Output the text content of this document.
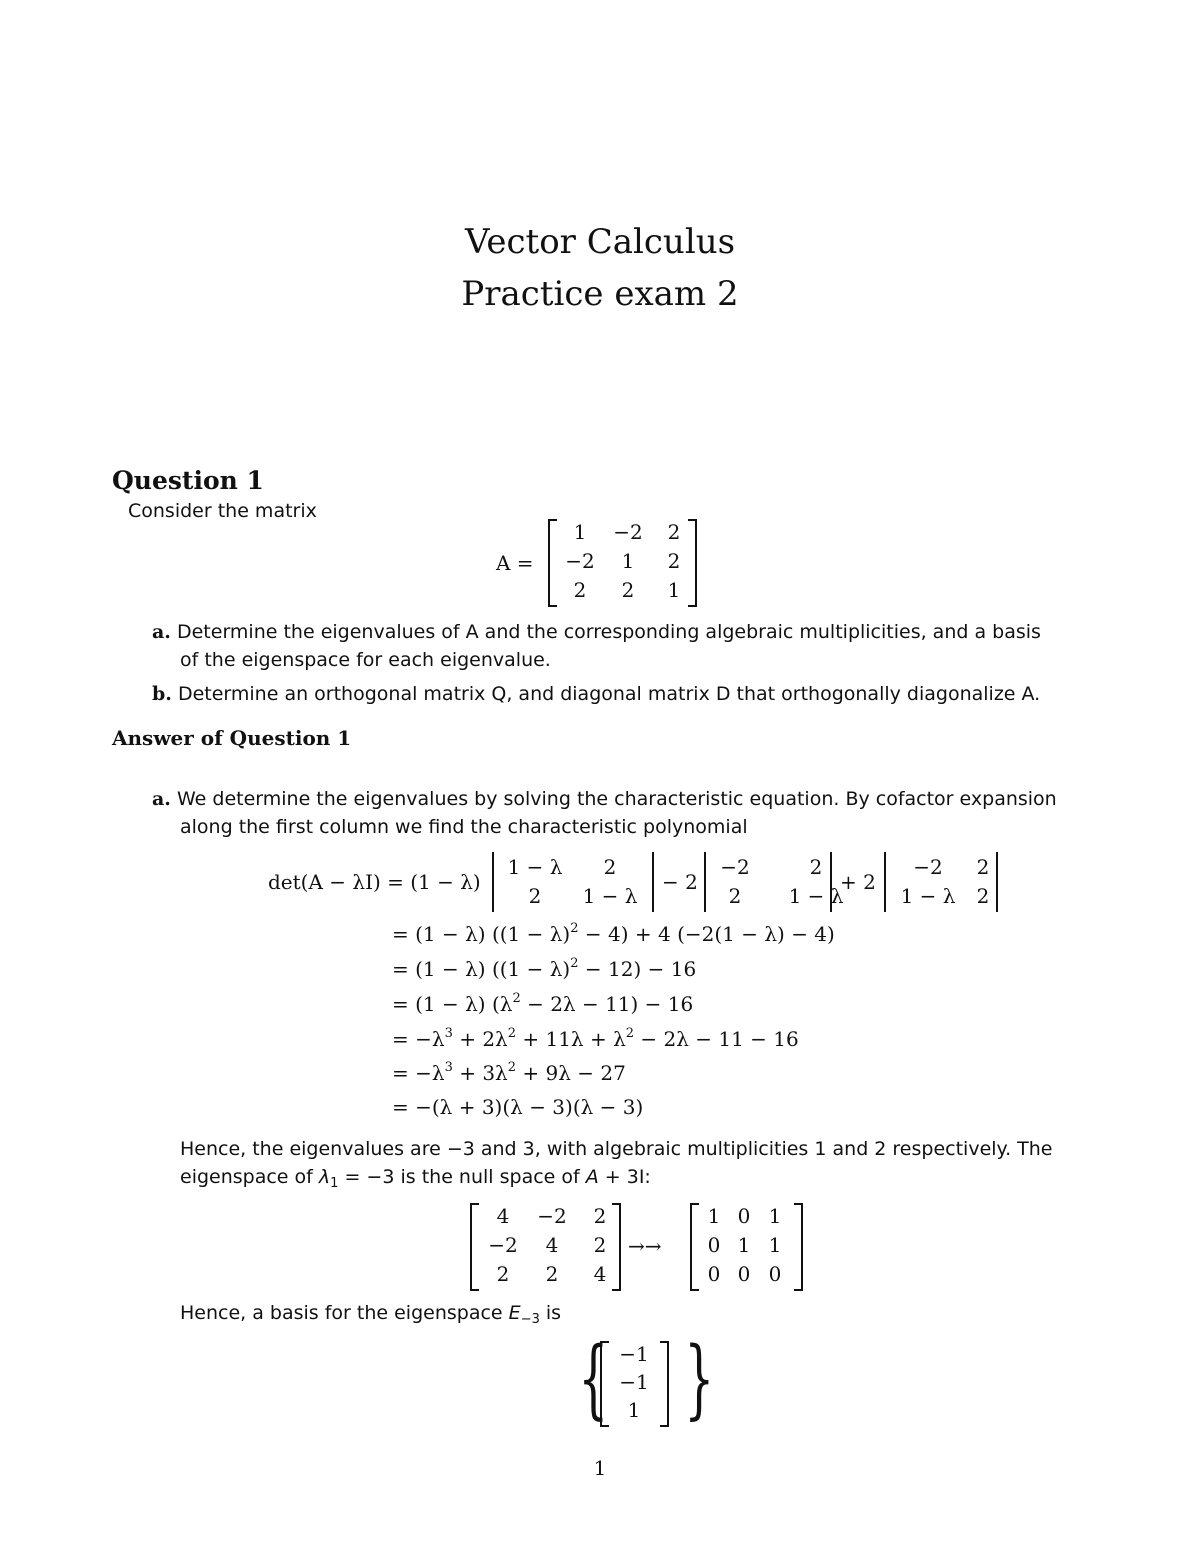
Vector Calculus
Practice exam 2
Question 1
Consider the matrix
A =
1	−2	2
−2	1	2
2	2	1
a. Determine the eigenvalues of A and the corresponding algebraic multiplicities, and a basis
of the eigenspace for each eigenvalue.
b. Determine an orthogonal matrix Q, and diagonal matrix D that orthogonally diagonalize A.
Answer of Question 1
a. We determine the eigenvalues by solving the characteristic equation. By cofactor expansion
along the first column we find the characteristic polynomial
det(A − λI) = (1 − λ)
1 − λ	2
2	1 − λ
− 2
−2	2
2	1 − λ
+ 2
−2	2
1 − λ	2
= (1 − λ) $((1 - \lambda)^2 - 4) + 4$ (−2(1 − λ) − 4)
= (1 − λ) $((1 - \lambda)^2 - 12) - 16$
= (1 − λ) $(\lambda^2 - 2\lambda - 11) - 16$
= $-\lambda^3 + 2\lambda^2 + 11\lambda + \lambda^2 - 2\lambda - 11 - 16$
= $-\lambda^3 + 3\lambda^2 + 9\lambda - 27$
= −(λ + 3)(λ − 3)(λ − 3)
Hence, the eigenvalues are −3 and 3, with algebraic multiplicities 1 and 2 respectively. The
eigenspace of $\lambda_1 = -3$ is the null space of A + 3I:
4	−2	2
−2	4	2
2	2	4
→→
1 0 1
0 1 1
0 0 0
Hence, a basis for the eigenspace $E_{-3}$ is
{ −1
−1
1 }
1
